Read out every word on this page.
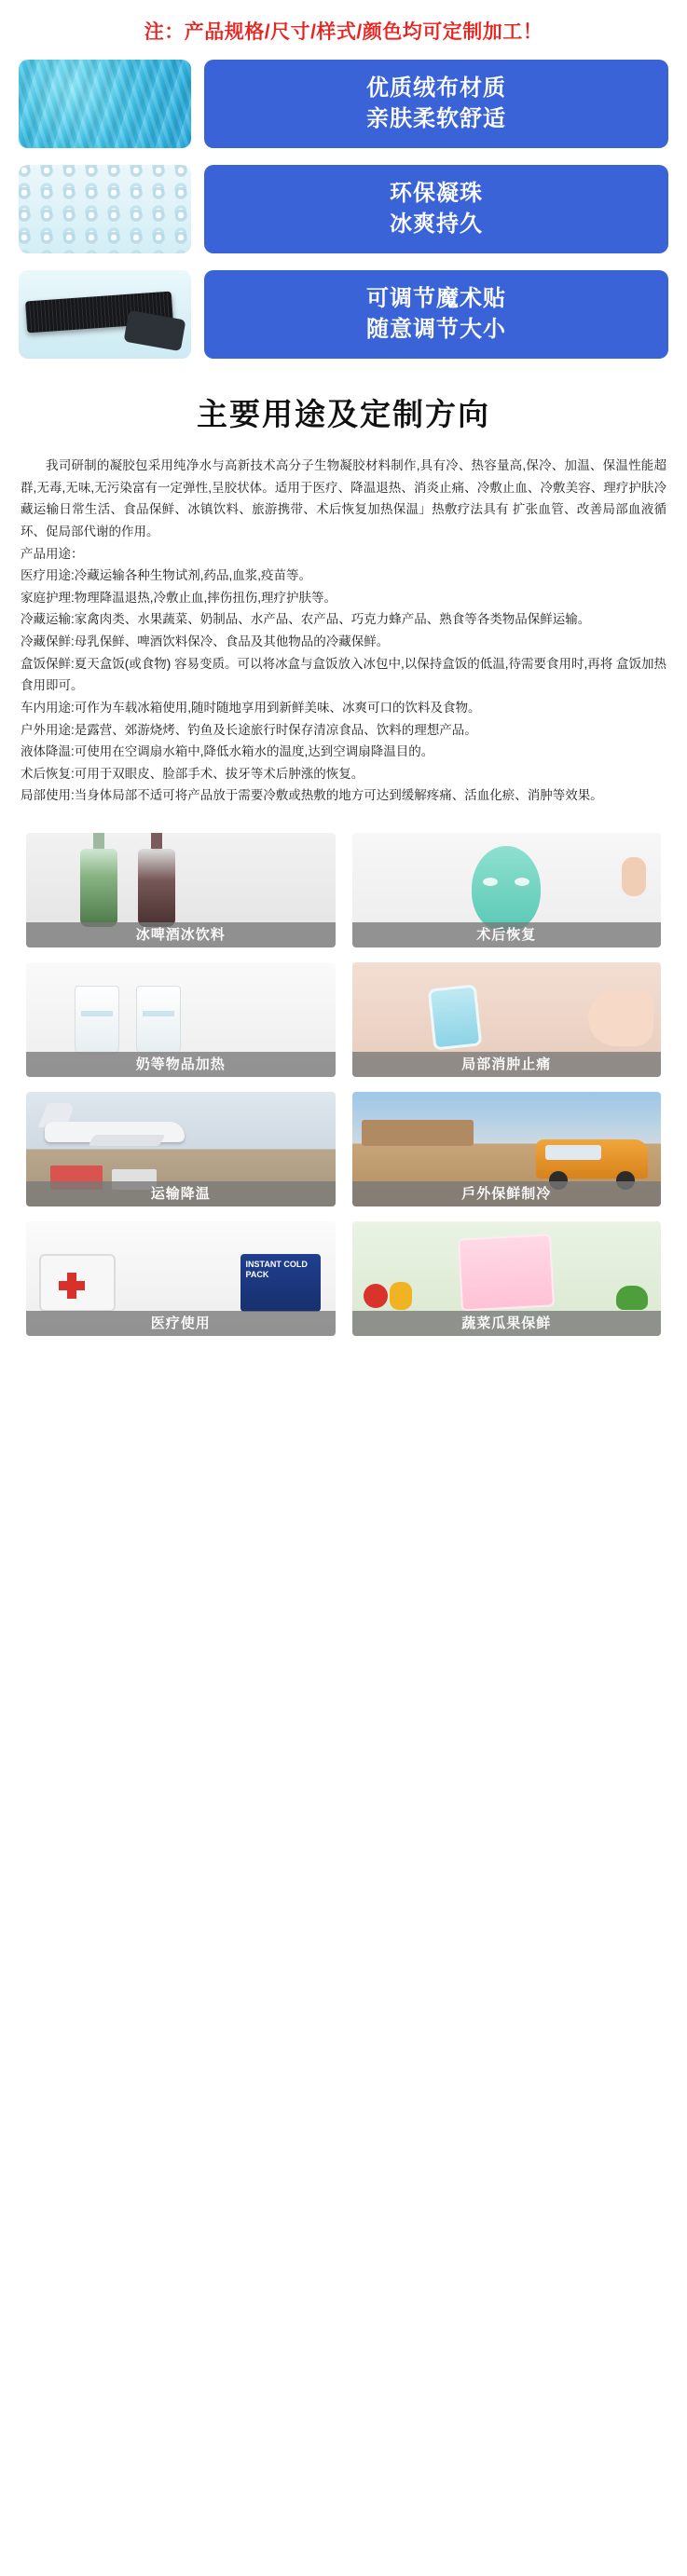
注：产品规格/尺寸/样式/颜色均可定制加工！
优质绒布材质
亲肤柔软舒适
环保凝珠
冰爽持久
可调节魔术贴
随意调节大小
主要用途及定制方向

我司研制的凝胶包采用纯净水与高新技术高分子生物凝胶材料制作,具有冷、热容量高,保冷、加温、保温性能超群,无毒,无味,无污染富有一定弹性,呈胶状体。适用于医疗、降温退热、消炎止痛、冷敷止血、冷敷美容、理疗护肤冷藏运输日常生活、食品保鲜、冰镇饮料、旅游携带、术后恢复加热保温」热敷疗法具有 扩张血管、改善局部血液循环、促局部代谢的作用。

产品用途：

医疗用途:冷藏运输各种生物试剂,药品,血浆,疫苗等。

家庭护理:物理降温退热,冷敷止血,摔伤扭伤,理疗护肤等。

冷藏运输:家禽肉类、水果蔬菜、奶制品、水产品、农产品、巧克力蜂产品、熟食等各类物品保鲜运输。

冷藏保鲜:母乳保鲜、啤酒饮料保冷、食品及其他物品的冷藏保鲜。

盒饭保鲜:夏天盒饭(或食物) 容易变质。可以将冰盒与盒饭放入冰包中,以保持盒饭的低温,待需要食用时,再将 盒饭加热食用即可。

车内用途:可作为车载冰箱使用,随时随地享用到新鲜美味、冰爽可口的饮料及食物。

户外用途:是露营、郊游烧烤、钓鱼及长途旅行时保存清凉食品、饮料的理想产品。

液体降温:可使用在空调扇水箱中,降低水箱水的温度,达到空调扇降温目的。

术后恢复:可用于双眼皮、脸部手术、拔牙等术后肿涨的恢复。

局部使用:当身体局部不适可将产品放于需要冷敷或热敷的地方可达到缓解疼痛、活血化瘀、消肿等效果。

冰啤酒冰饮料	术后恢复
奶等物品加热	局部消肿止痛
运输降温	戶外保鲜制冷
INSTANT COLD PACK
医疗使用	蔬菜瓜果保鲜
